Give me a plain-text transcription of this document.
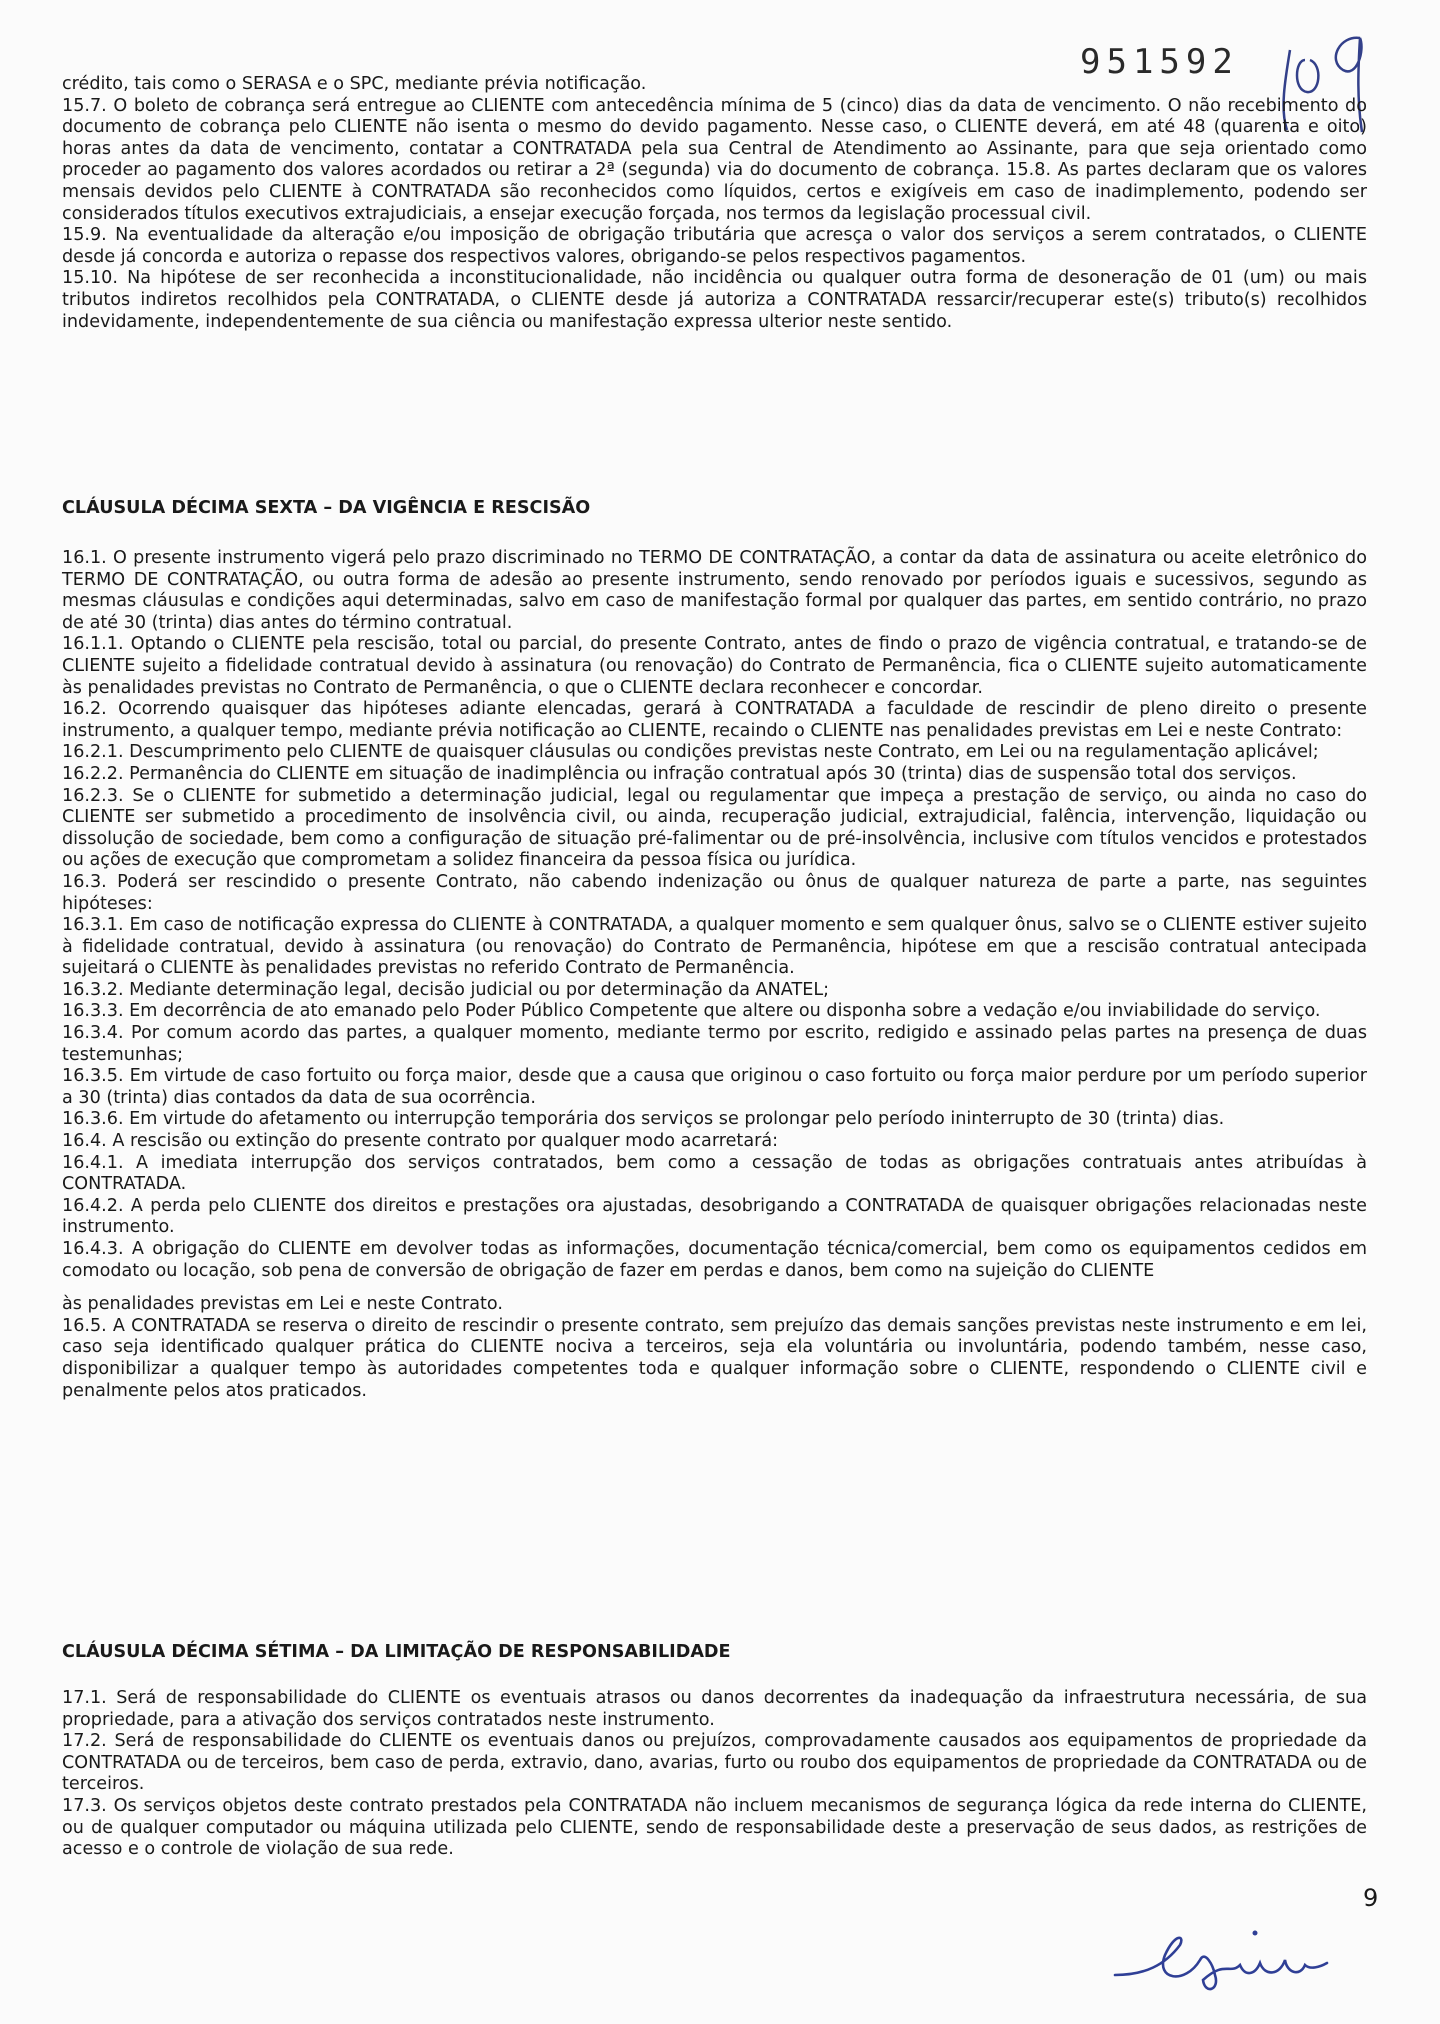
951592

crédito, tais como o SERASA e o SPC, mediante prévia notificação.

15.7. O boleto de cobrança será entregue ao CLIENTE com antecedência mínima de 5 (cinco) dias da data de vencimento. O não recebimento do documento de cobrança pelo CLIENTE não isenta o mesmo do devido pagamento. Nesse caso, o CLIENTE deverá, em até 48 (quarenta e oito) horas antes da data de vencimento, contatar a CONTRATADA pela sua Central de Atendimento ao Assinante, para que seja orientado como proceder ao pagamento dos valores acordados ou retirar a 2ª (segunda) via do documento de cobrança. 15.8. As partes declaram que os valores mensais devidos pelo CLIENTE à CONTRATADA são reconhecidos como líquidos, certos e exigíveis em caso de inadimplemento, podendo ser considerados títulos executivos extrajudiciais, a ensejar execução forçada, nos termos da legislação processual civil.

15.9. Na eventualidade da alteração e/ou imposição de obrigação tributária que acresça o valor dos serviços a serem contratados, o CLIENTE desde já concorda e autoriza o repasse dos respectivos valores, obrigando-se pelos respectivos pagamentos.

15.10. Na hipótese de ser reconhecida a inconstitucionalidade, não incidência ou qualquer outra forma de desoneração de 01 (um) ou mais tributos indiretos recolhidos pela CONTRATADA, o CLIENTE desde já autoriza a CONTRATADA ressarcir/recuperar este(s) tributo(s) recolhidos indevidamente, independentemente de sua ciência ou manifestação expressa ulterior neste sentido.

CLÁUSULA DÉCIMA SEXTA – DA VIGÊNCIA E RESCISÃO

16.1. O presente instrumento vigerá pelo prazo discriminado no TERMO DE CONTRATAÇÃO, a contar da data de assinatura ou aceite eletrônico do TERMO DE CONTRATAÇÃO, ou outra forma de adesão ao presente instrumento, sendo renovado por períodos iguais e sucessivos, segundo as mesmas cláusulas e condições aqui determinadas, salvo em caso de manifestação formal por qualquer das partes, em sentido contrário, no prazo de até 30 (trinta) dias antes do término contratual.

16.1.1. Optando o CLIENTE pela rescisão, total ou parcial, do presente Contrato, antes de findo o prazo de vigência contratual, e tratando-se de CLIENTE sujeito a fidelidade contratual devido à assinatura (ou renovação) do Contrato de Permanência, fica o CLIENTE sujeito automaticamente às penalidades previstas no Contrato de Permanência, o que o CLIENTE declara reconhecer e concordar.

16.2. Ocorrendo quaisquer das hipóteses adiante elencadas, gerará à CONTRATADA a faculdade de rescindir de pleno direito o presente instrumento, a qualquer tempo, mediante prévia notificação ao CLIENTE, recaindo o CLIENTE nas penalidades previstas em Lei e neste Contrato:

16.2.1. Descumprimento pelo CLIENTE de quaisquer cláusulas ou condições previstas neste Contrato, em Lei ou na regulamentação aplicável;

16.2.2. Permanência do CLIENTE em situação de inadimplência ou infração contratual após 30 (trinta) dias de suspensão total dos serviços.

16.2.3. Se o CLIENTE for submetido a determinação judicial, legal ou regulamentar que impeça a prestação de serviço, ou ainda no caso do CLIENTE ser submetido a procedimento de insolvência civil, ou ainda, recuperação judicial, extrajudicial, falência, intervenção, liquidação ou dissolução de sociedade, bem como a configuração de situação pré-falimentar ou de pré-insolvência, inclusive com títulos vencidos e protestados ou ações de execução que comprometam a solidez financeira da pessoa física ou jurídica.

16.3. Poderá ser rescindido o presente Contrato, não cabendo indenização ou ônus de qualquer natureza de parte a parte, nas seguintes hipóteses:

16.3.1. Em caso de notificação expressa do CLIENTE à CONTRATADA, a qualquer momento e sem qualquer ônus, salvo se o CLIENTE estiver sujeito à fidelidade contratual, devido à assinatura (ou renovação) do Contrato de Permanência, hipótese em que a rescisão contratual antecipada sujeitará o CLIENTE às penalidades previstas no referido Contrato de Permanência.

16.3.2. Mediante determinação legal, decisão judicial ou por determinação da ANATEL;

16.3.3. Em decorrência de ato emanado pelo Poder Público Competente que altere ou disponha sobre a vedação e/ou inviabilidade do serviço.

16.3.4. Por comum acordo das partes, a qualquer momento, mediante termo por escrito, redigido e assinado pelas partes na presença de duas testemunhas;

16.3.5. Em virtude de caso fortuito ou força maior, desde que a causa que originou o caso fortuito ou força maior perdure por um período superior a 30 (trinta) dias contados da data de sua ocorrência.

16.3.6. Em virtude do afetamento ou interrupção temporária dos serviços se prolongar pelo período ininterrupto de 30 (trinta) dias.

16.4. A rescisão ou extinção do presente contrato por qualquer modo acarretará:

16.4.1. A imediata interrupção dos serviços contratados, bem como a cessação de todas as obrigações contratuais antes atribuídas à CONTRATADA.

16.4.2. A perda pelo CLIENTE dos direitos e prestações ora ajustadas, desobrigando a CONTRATADA de quaisquer obrigações relacionadas neste instrumento.

16.4.3. A obrigação do CLIENTE em devolver todas as informações, documentação técnica/comercial, bem como os equipamentos cedidos em comodato ou locação, sob pena de conversão de obrigação de fazer em perdas e danos, bem como na sujeição do CLIENTE

às penalidades previstas em Lei e neste Contrato.

16.5. A CONTRATADA se reserva o direito de rescindir o presente contrato, sem prejuízo das demais sanções previstas neste instrumento e em lei, caso seja identificado qualquer prática do CLIENTE nociva a terceiros, seja ela voluntária ou involuntária, podendo também, nesse caso, disponibilizar a qualquer tempo às autoridades competentes toda e qualquer informação sobre o CLIENTE, respondendo o CLIENTE civil e penalmente pelos atos praticados.

CLÁUSULA DÉCIMA SÉTIMA – DA LIMITAÇÃO DE RESPONSABILIDADE

17.1. Será de responsabilidade do CLIENTE os eventuais atrasos ou danos decorrentes da inadequação da infraestrutura necessária, de sua propriedade, para a ativação dos serviços contratados neste instrumento.

17.2. Será de responsabilidade do CLIENTE os eventuais danos ou prejuízos, comprovadamente causados aos equipamentos de propriedade da CONTRATADA ou de terceiros, bem caso de perda, extravio, dano, avarias, furto ou roubo dos equipamentos de propriedade da CONTRATADA ou de terceiros.

17.3. Os serviços objetos deste contrato prestados pela CONTRATADA não incluem mecanismos de segurança lógica da rede interna do CLIENTE, ou de qualquer computador ou máquina utilizada pelo CLIENTE, sendo de responsabilidade deste a preservação de seus dados, as restrições de acesso e o controle de violação de sua rede.

9
